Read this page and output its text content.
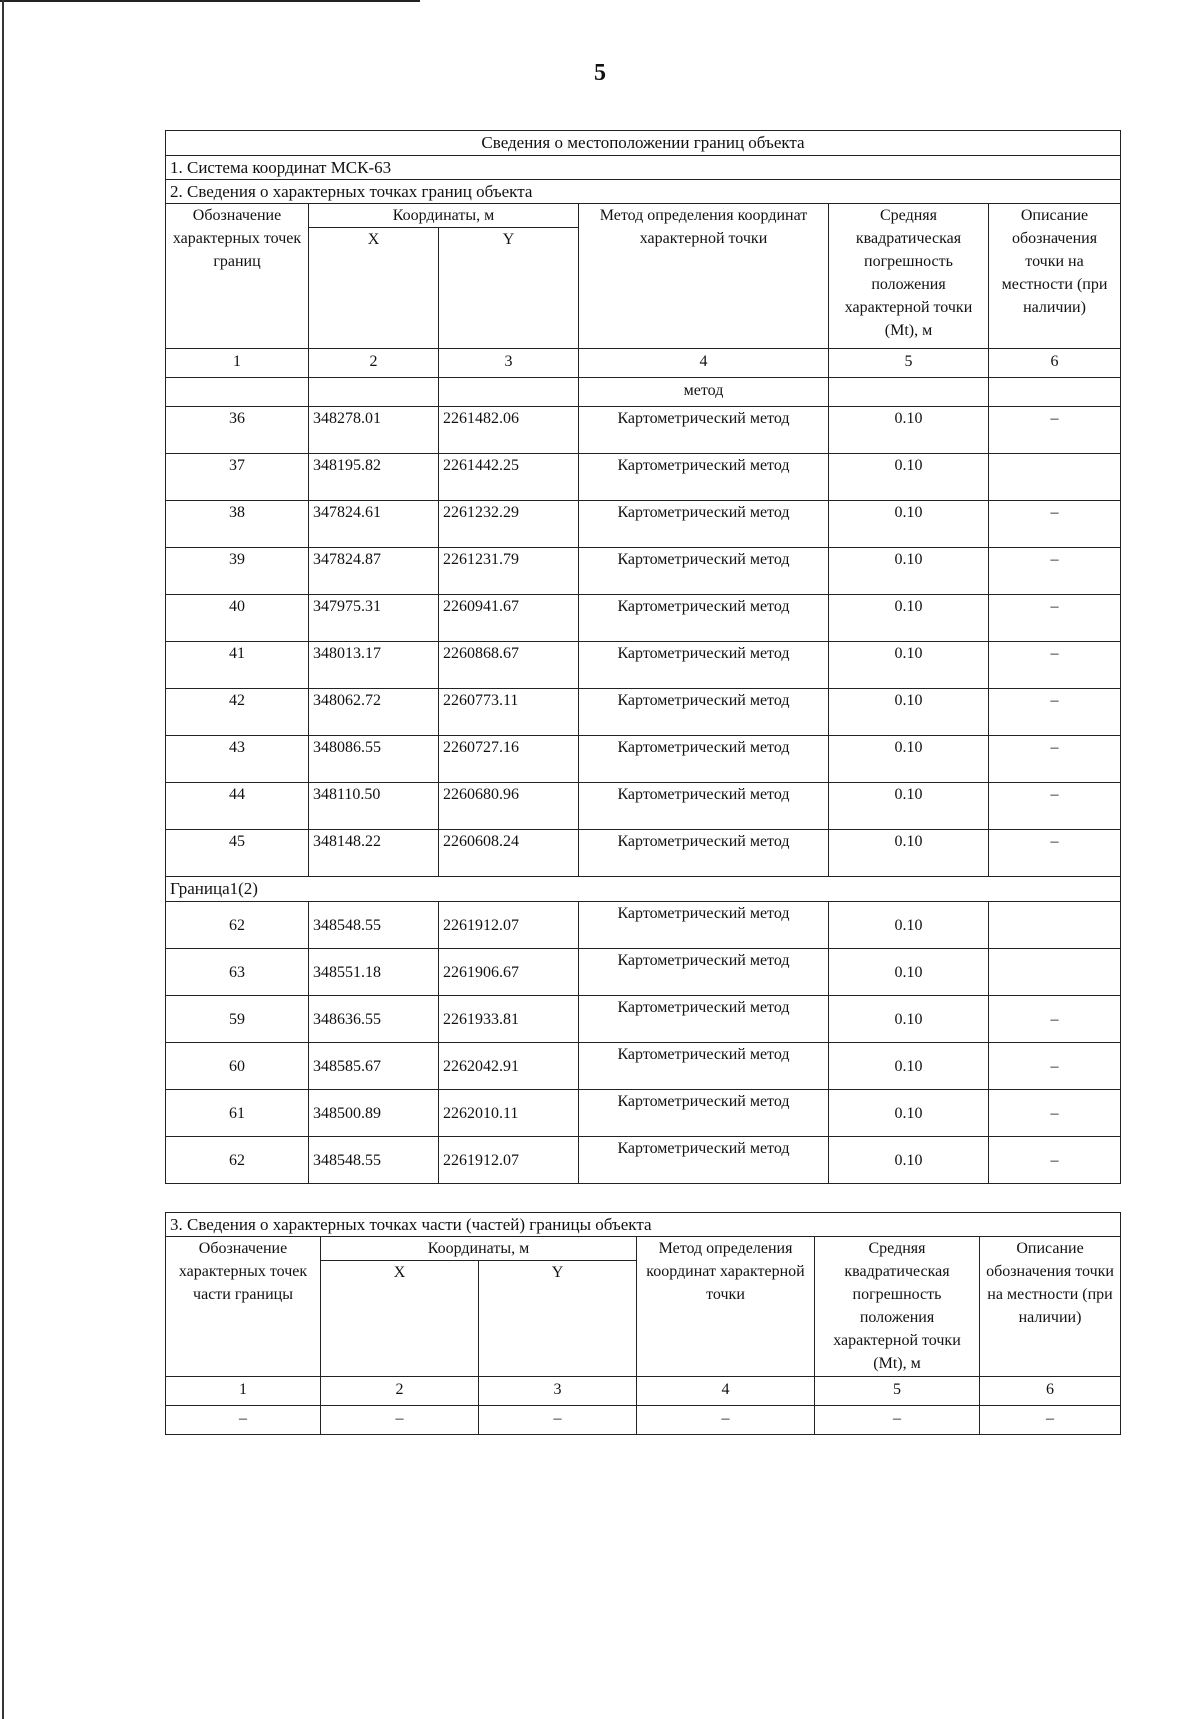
5
Сведения о местоположении границ объекта					
1. Система координат МСК-63					
2. Сведения о характерных точках границ объекта					
Обозначение характерных точек границ	Координаты, м		Метод определения координат характерной точки	Средняя квадратическая погрешность положения характерной точки (Mt), м	Описание обозначения точки на местности (при наличии)
	X	Y			
1	2	3	4	5	6
			метод		
36	348278.01	2261482.06	Картометрический метод	0.10	–
37	348195.82	2261442.25	Картометрический метод	0.10	
38	347824.61	2261232.29	Картометрический метод	0.10	–
39	347824.87	2261231.79	Картометрический метод	0.10	–
40	347975.31	2260941.67	Картометрический метод	0.10	–
41	348013.17	2260868.67	Картометрический метод	0.10	–
42	348062.72	2260773.11	Картометрический метод	0.10	–
43	348086.55	2260727.16	Картометрический метод	0.10	–
44	348110.50	2260680.96	Картометрический метод	0.10	–
45	348148.22	2260608.24	Картометрический метод	0.10	–
Граница1(2)					
62	348548.55	2261912.07	Картометрический метод	0.10	
63	348551.18	2261906.67	Картометрический метод	0.10	
59	348636.55	2261933.81	Картометрический метод	0.10	–
60	348585.67	2262042.91	Картометрический метод	0.10	–
61	348500.89	2262010.11	Картометрический метод	0.10	–
62	348548.55	2261912.07	Картометрический метод	0.10	–
3. Сведения о характерных точках части (частей) границы объекта					
Обозначение характерных точек части границы	Координаты, м		Метод определения координат характерной точки	Средняя квадратическая погрешность положения характерной точки (Mt), м	Описание обозначения точки на местности (при наличии)
	X	Y			
1	2	3	4	5	6
–	–	–	–	–	–
